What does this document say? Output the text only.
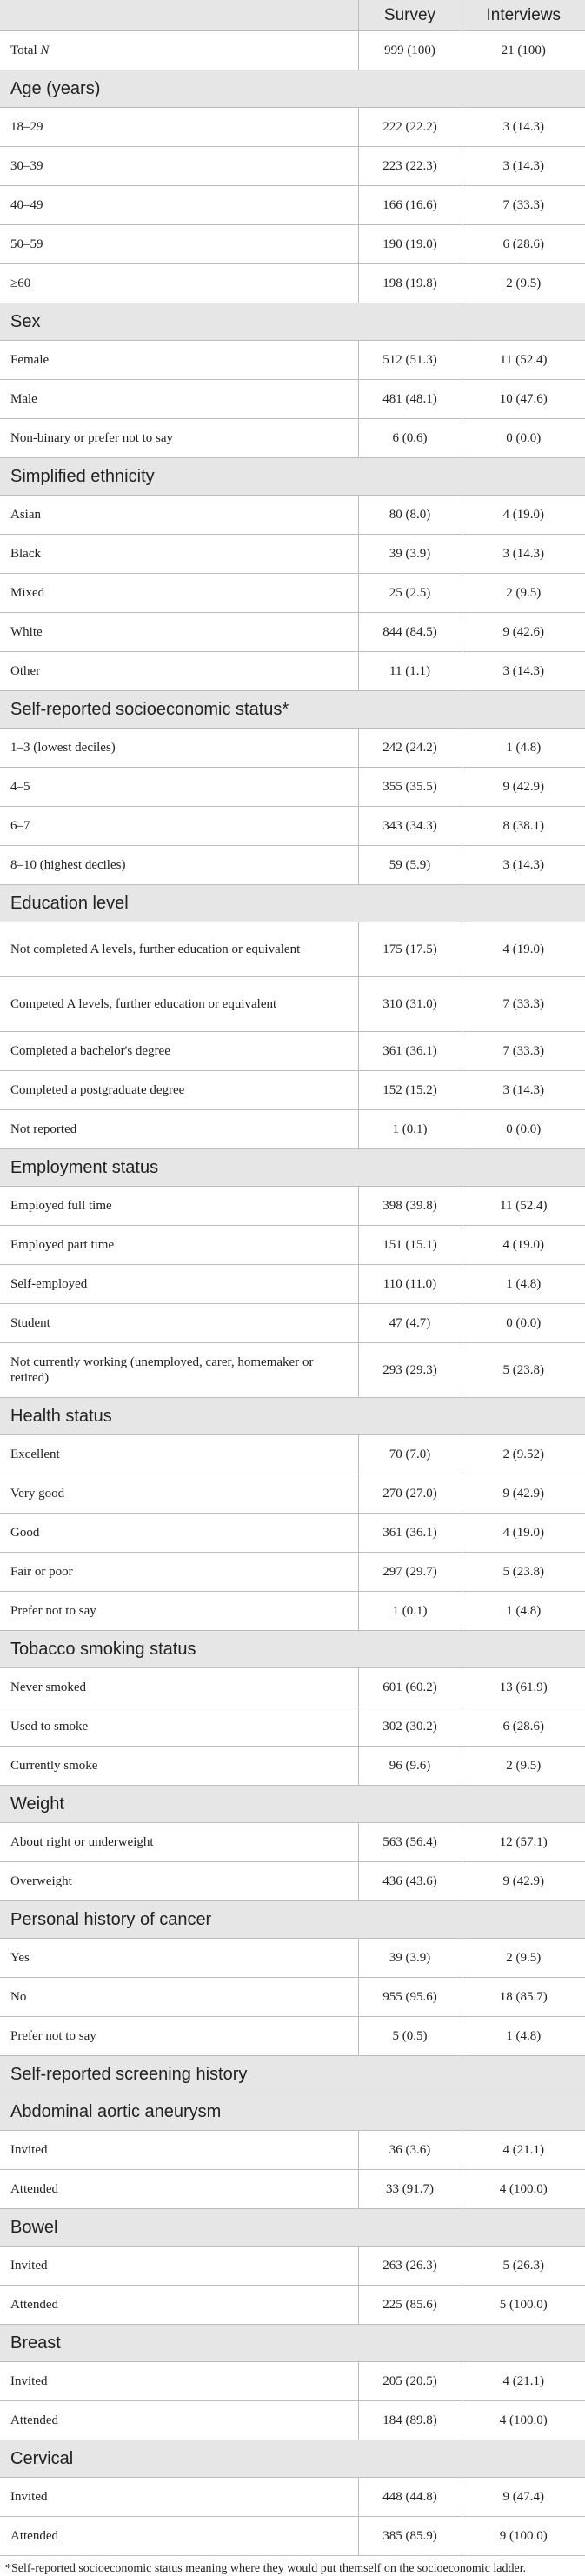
	Survey	Interviews
Total N	999 (100)	21 (100)
Age (years)		
18–29	222 (22.2)	3 (14.3)
30–39	223 (22.3)	3 (14.3)
40–49	166 (16.6)	7 (33.3)
50–59	190 (19.0)	6 (28.6)
≥60	198 (19.8)	2 (9.5)
Sex		
Female	512 (51.3)	11 (52.4)
Male	481 (48.1)	10 (47.6)
Non-binary or prefer not to say	6 (0.6)	0 (0.0)
Simplified ethnicity		
Asian	80 (8.0)	4 (19.0)
Black	39 (3.9)	3 (14.3)
Mixed	25 (2.5)	2 (9.5)
White	844 (84.5)	9 (42.6)
Other	11 (1.1)	3 (14.3)
Self-reported socioeconomic status*		
1–3 (lowest deciles)	242 (24.2)	1 (4.8)
4–5	355 (35.5)	9 (42.9)
6–7	343 (34.3)	8 (38.1)
8–10 (highest deciles)	59 (5.9)	3 (14.3)
Education level		
Not completed A levels, further education or equivalent	175 (17.5)	4 (19.0)
Competed A levels, further education or equivalent	310 (31.0)	7 (33.3)
Completed a bachelor's degree	361 (36.1)	7 (33.3)
Completed a postgraduate degree	152 (15.2)	3 (14.3)
Not reported	1 (0.1)	0 (0.0)
Employment status		
Employed full time	398 (39.8)	11 (52.4)
Employed part time	151 (15.1)	4 (19.0)
Self-employed	110 (11.0)	1 (4.8)
Student	47 (4.7)	0 (0.0)
Not currently working (unemployed, carer, homemaker or retired)	293 (29.3)	5 (23.8)
Health status		
Excellent	70 (7.0)	2 (9.52)
Very good	270 (27.0)	9 (42.9)
Good	361 (36.1)	4 (19.0)
Fair or poor	297 (29.7)	5 (23.8)
Prefer not to say	1 (0.1)	1 (4.8)
Tobacco smoking status		
Never smoked	601 (60.2)	13 (61.9)
Used to smoke	302 (30.2)	6 (28.6)
Currently smoke	96 (9.6)	2 (9.5)
Weight		
About right or underweight	563 (56.4)	12 (57.1)
Overweight	436 (43.6)	9 (42.9)
Personal history of cancer		
Yes	39 (3.9)	2 (9.5)
No	955 (95.6)	18 (85.7)
Prefer not to say	5 (0.5)	1 (4.8)
Self-reported screening history		
Abdominal aortic aneurysm		
Invited	36 (3.6)	4 (21.1)
Attended	33 (91.7)	4 (100.0)
Bowel		
Invited	263 (26.3)	5 (26.3)
Attended	225 (85.6)	5 (100.0)
Breast		
Invited	205 (20.5)	4 (21.1)
Attended	184 (89.8)	4 (100.0)
Cervical		
Invited	448 (44.8)	9 (47.4)
Attended	385 (85.9)	9 (100.0)
*Self-reported socioeconomic status meaning where they would put themself on the socioeconomic ladder.
